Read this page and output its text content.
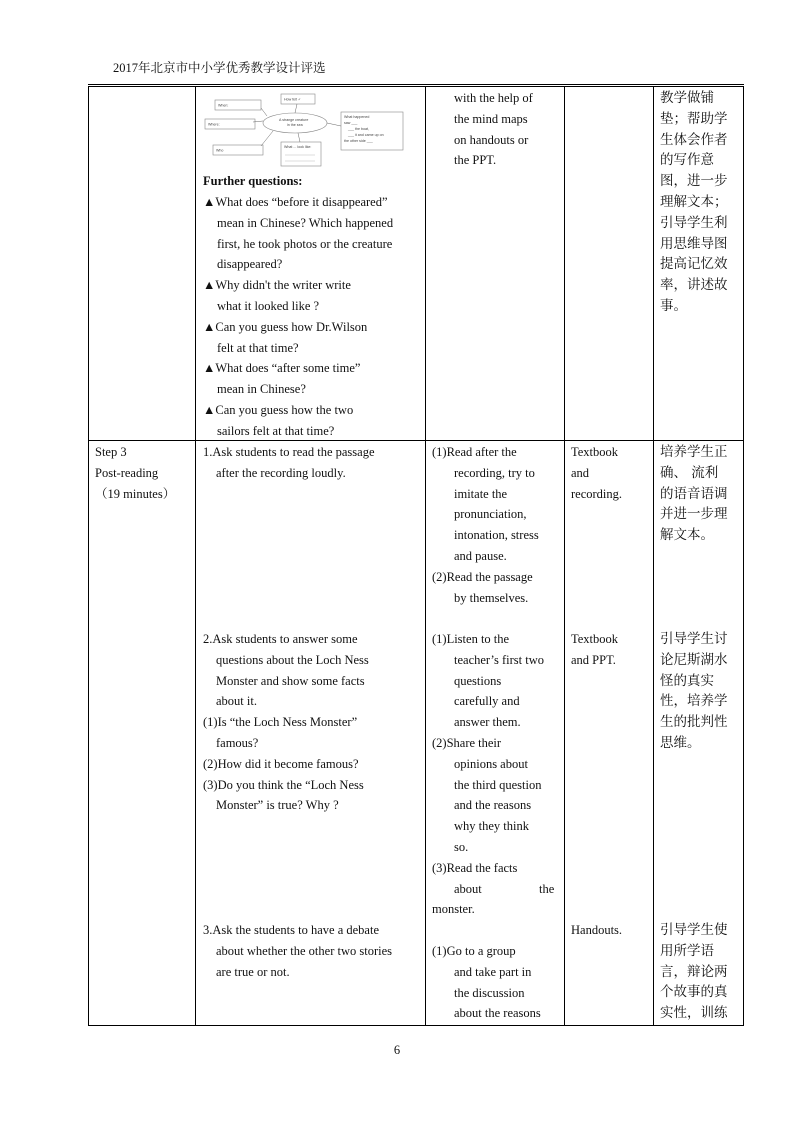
2017年北京市中小学优秀教学设计评选
When:
Where:
Who
How felt ✓
A strange creature
in the sea
What ... look like:
What happened
saw ___
___ the boat,
___ it and came up on
the other side ___
Further questions:
▲What does “before it disappeared”
mean in Chinese? Which happened
first, he took photos or the creature
disappeared?
▲Why didn't the writer write
what it looked like ?
▲Can you guess how Dr.Wilson
felt at that time?
▲What does “after some time”
mean in Chinese?
▲Can you guess how the two
sailors felt at that time?
with the help of
the mind maps
on handouts or
the PPT.
教学做铺
垫；帮助学
生体会作者
的写作意
图，进一步
理解文本；
引导学生利
用思维导图
提高记忆效
率，讲述故
事。
Step 3
Post-reading
（19 minutes）
1.Ask students to read the passage
after the recording loudly.
(1)Read after the
recording, try to
imitate the
pronunciation,
intonation, stress
and pause.
(2)Read the passage
by themselves.
Textbook
and
recording.
培养学生正
确、 流利
的语音语调
并进一步理
解文本。
2.Ask students to answer some
questions about the Loch Ness
Monster and show some facts
about it.
(1)Is “the Loch Ness Monster”
famous?
(2)How did it become famous?
(3)Do you think the “Loch Ness
Monster” is true? Why ?
(1)Listen to the
teacher’s first two
questions
carefully and
answer them.
(2)Share their
opinions about
the third question
and the reasons
why they think
so.
(3)Read the facts
about	the
monster.
Textbook
and PPT.
引导学生讨
论尼斯湖水
怪的真实
性，培养学
生的批判性
思维。
3.Ask the students to have a debate
about whether the other two stories
are true or not.
(1)Go to a group
and take part in
the discussion
about the reasons
Handouts.	引导学生使
用所学语
言，辩论两
个故事的真
实性，训练
6
